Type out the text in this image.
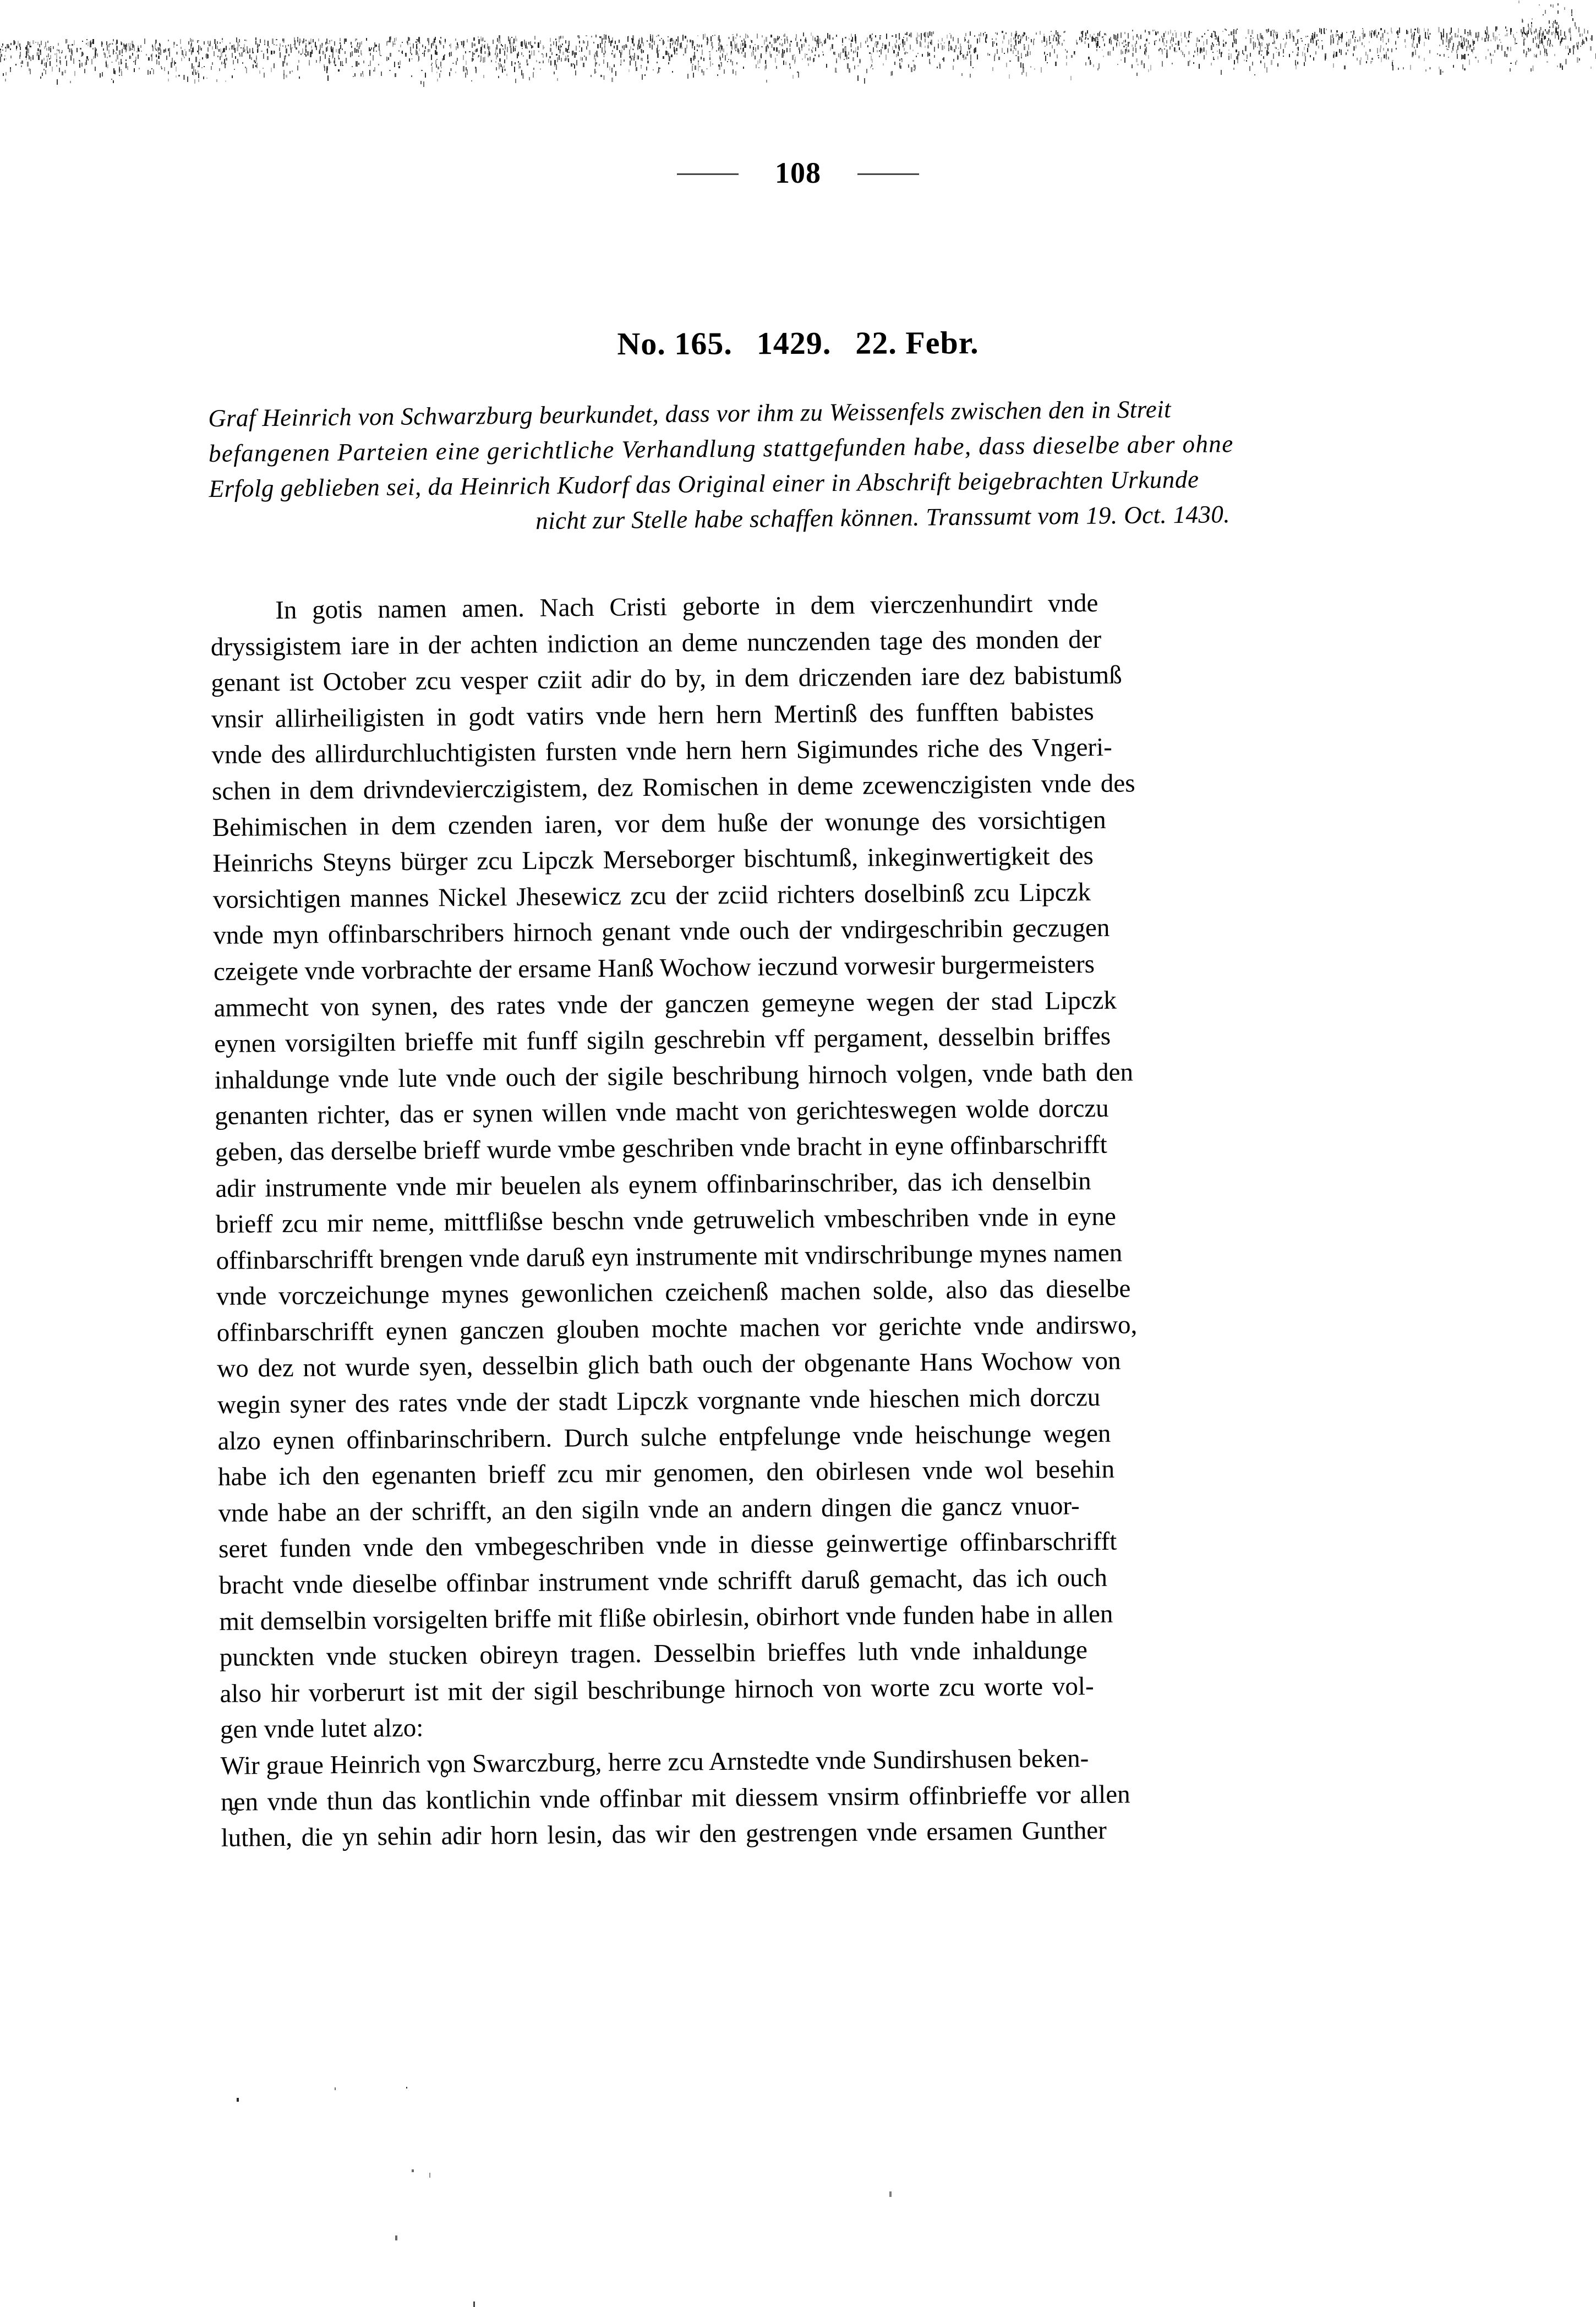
108
No. 165. 1429. 22. Febr.
Graf Heinrich von Schwarzburg beurkundet, dass vor ihm zu Weissenfels zwischen den in Streit
befangenen Parteien eine gerichtliche Verhandlung stattgefunden habe, dass dieselbe aber ohne
Erfolg geblieben sei, da Heinrich Kudorf das Original einer in Abschrift beigebrachten Urkunde
nicht zur Stelle habe schaffen können. Transsumt vom 19. Oct. 1430.
In gotis namen amen. Nach Cristi geborte in dem vierczenhundirt vnde
dryssigistem iare in der achten indiction an deme nunczenden tage des monden der
genant ist October zcu vesper cziit adir do by, in dem driczenden iare dez babistumß
vnsir allirheiligisten in godt vatirs vnde hern hern Mertinß des funfften babistes
vnde des allirdurchluchtigisten fursten vnde hern hern Sigimundes riche des Vngeri-
schen in dem drivndevierczigistem, dez Romischen in deme zcewenczigisten vnde des
Behimischen in dem czenden iaren, vor dem huße der wonunge des vorsichtigen
Heinrichs Steyns bürger zcu Lipczk Merseborger bischtumß, inkeginwertigkeit des
vorsichtigen mannes Nickel Jhesewicz zcu der zciid richters doselbinß zcu Lipczk
vnde myn offinbarschribers hirnoch genant vnde ouch der vndirgeschribin geczugen
czeigete vnde vorbrachte der ersame Hanß Wochow ieczund vorwesir burgermeisters
ammecht von synen, des rates vnde der ganczen gemeyne wegen der stad Lipczk
eynen vorsigilten brieffe mit funff sigiln geschrebin vff pergament, desselbin briffes
inhaldunge vnde lute vnde ouch der sigile beschribung hirnoch volgen, vnde bath den
genanten richter, das er synen willen vnde macht von gerichteswegen wolde dorczu
geben, das derselbe brieff wurde vmbe geschriben vnde bracht in eyne offinbarschrifft
adir instrumente vnde mir beuelen als eynem offinbarinschriber, das ich denselbin
brieff zcu mir neme, mittflißse beschn vnde getruwelich vmbeschriben vnde in eyne
offinbarschrifft brengen vnde daruß eyn instrumente mit vndirschribunge mynes namen
vnde vorczeichunge mynes gewonlichen czeichenß machen solde, also das dieselbe
offinbarschrifft eynen ganczen glouben mochte machen vor gerichte vnde andirswo,
wo dez not wurde syen, desselbin glich bath ouch der obgenante Hans Wochow von
wegin syner des rates vnde der stadt Lipczk vorgnante vnde hieschen mich dorczu
alzo eynen offinbarinschribern. Durch sulche entpfelunge vnde heischunge wegen
habe ich den egenanten brieff zcu mir genomen, den obirlesen vnde wol besehin
vnde habe an der schrifft, an den sigiln vnde an andern dingen die gancz vnuor-
seret funden vnde den vmbegeschriben vnde in diesse geinwertige offinbarschrifft
bracht vnde dieselbe offinbar instrument vnde schrifft daruß gemacht, das ich ouch
mit demselbin vorsigelten briffe mit fliße obirlesin, obirhort vnde funden habe in allen
punckten vnde stucken obireyn tragen. Desselbin brieffes luth vnde inhaldunge
also hir vorberurt ist mit der sigil beschribunge hirnoch von worte zcu worte vol-
gen vnde lutet alzo:
Wir graue Heinrich von Swarczburg, herre zcu Arnstedte vnde Sundirshusen beken-
nen vnde thun das kontlichin vnde offinbar mit diessem vnsirm offinbrieffe vor allen
luthen, die yn sehin adir horn lesin, das wir den gestrengen vnde ersamen Gunther
